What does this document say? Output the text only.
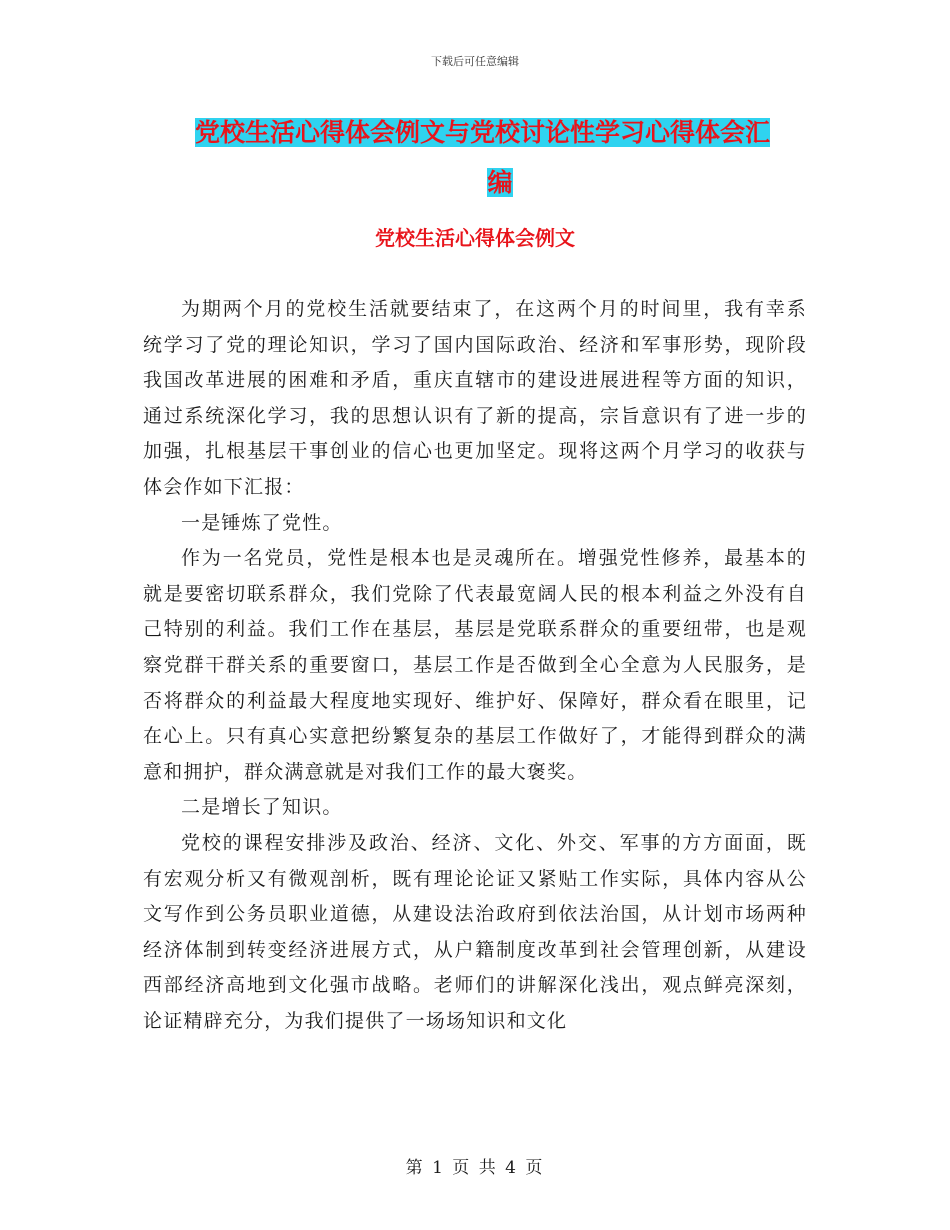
下载后可任意编辑
党校生活心得体会例文与党校讨论性学习心得体会汇
编
党校生活心得体会例文

为期两个月的党校生活就要结束了，在这两个月的时间里，我有幸系统学习了党的理论知识，学习了国内国际政治、经济和军事形势，现阶段我国改革进展的困难和矛盾，重庆直辖市的建设进展进程等方面的知识，通过系统深化学习，我的思想认识有了新的提高，宗旨意识有了进一步的加强，扎根基层干事创业的信心也更加坚定。现将这两个月学习的收获与体会作如下汇报：

一是锤炼了党性。

作为一名党员，党性是根本也是灵魂所在。增强党性修养，最基本的就是要密切联系群众，我们党除了代表最宽阔人民的根本利益之外没有自己特别的利益。我们工作在基层，基层是党联系群众的重要纽带，也是观察党群干群关系的重要窗口，基层工作是否做到全心全意为人民服务，是否将群众的利益最大程度地实现好、维护好、保障好，群众看在眼里，记在心上。只有真心实意把纷繁复杂的基层工作做好了，才能得到群众的满意和拥护，群众满意就是对我们工作的最大褒奖。

二是增长了知识。

党校的课程安排涉及政治、经济、文化、外交、军事的方方面面，既有宏观分析又有微观剖析，既有理论论证又紧贴工作实际，具体内容从公文写作到公务员职业道德，从建设法治政府到依法治国，从计划市场两种经济体制到转变经济进展方式，从户籍制度改革到社会管理创新，从建设西部经济高地到文化强市战略。老师们的讲解深化浅出，观点鲜亮深刻，论证精辟充分，为我们提供了一场场知识和文化

第 1 页 共 4 页
